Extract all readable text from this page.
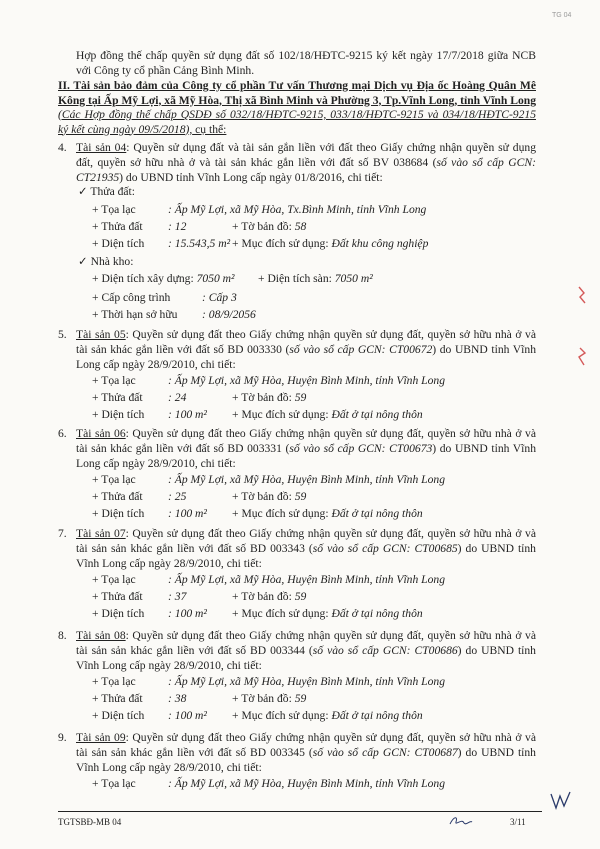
TG 04
Hợp đồng thế chấp quyền sử dụng đất số 102/18/HĐTC-9215 ký kết ngày 17/7/2018 giữa NCB với Công ty cổ phần Cảng Bình Minh.
II. Tài sản bảo đảm của Công ty cổ phần Tư vấn Thương mại Dịch vụ Địa ốc Hoàng Quân Mê Kông tại Ấp Mỹ Lợi, xã Mỹ Hòa, Thị xã Bình Minh và Phường 3, Tp.Vĩnh Long, tỉnh Vĩnh Long (Các Hợp đồng thế chấp QSDĐ số 032/18/HĐTC-9215, 033/18/HĐTC-9215 và 034/18/HĐTC-9215 ký kết cùng ngày 09/5/2018), cụ thể:
4. Tài sản 04: Quyền sử dụng đất và tài sản gắn liền với đất theo Giấy chứng nhận quyền sử dụng đất, quyền sở hữu nhà ở và tài sản khác gắn liền với đất số BV 038684 (số vào sổ cấp GCN: CT21935) do UBND tỉnh Vĩnh Long cấp ngày 01/8/2016, chi tiết:
✓ Thửa đất:
+ Tọa lạc	: Ấp Mỹ Lợi, xã Mỹ Hòa, Tx.Bình Minh, tỉnh Vĩnh Long
+ Thửa đất : 12	+ Tờ bản đồ: 58
+ Diện tích : 15.543,5 m² + Mục đích sử dụng: Đất khu công nghiệp
✓ Nhà kho:
+ Diện tích xây dựng: 7050 m² + Diện tích sàn: 7050 m²
+ Cấp công trình	: Cấp 3
+ Thời hạn sở hữu : 08/9/2056
5. Tài sản 05: Quyền sử dụng đất theo Giấy chứng nhận quyền sử dụng đất, quyền sở hữu nhà ở và tài sản khác gắn liền với đất số BD 003330 (số vào sổ cấp GCN: CT00672) do UBND tỉnh Vĩnh Long cấp ngày 28/9/2010, chi tiết:
+ Tọa lạc	: Ấp Mỹ Lợi, xã Mỹ Hòa, Huyện Bình Minh, tỉnh Vĩnh Long
+ Thửa đất : 24	+ Tờ bản đồ: 59
+ Diện tích : 100 m² + Mục đích sử dụng: Đất ở tại nông thôn
6. Tài sản 06: Quyền sử dụng đất theo Giấy chứng nhận quyền sử dụng đất, quyền sở hữu nhà ở và tài sản khác gắn liền với đất số BD 003331 (số vào sổ cấp GCN: CT00673) do UBND tỉnh Vĩnh Long cấp ngày 28/9/2010, chi tiết:
+ Tọa lạc	: Ấp Mỹ Lợi, xã Mỹ Hòa, Huyện Bình Minh, tỉnh Vĩnh Long
+ Thửa đất : 25	+ Tờ bản đồ: 59
+ Diện tích : 100 m² + Mục đích sử dụng: Đất ở tại nông thôn
7. Tài sản 07: Quyền sử dụng đất theo Giấy chứng nhận quyền sử dụng đất, quyền sở hữu nhà ở và tài sản sản khác gắn liền với đất số BD 003343 (số vào sổ cấp GCN: CT00685) do UBND tỉnh Vĩnh Long cấp ngày 28/9/2010, chi tiết:
+ Tọa lạc	: Ấp Mỹ Lợi, xã Mỹ Hòa, Huyện Bình Minh, tỉnh Vĩnh Long
+ Thửa đất : 37	+ Tờ bản đồ: 59
+ Diện tích : 100 m² + Mục đích sử dụng: Đất ở tại nông thôn
8. Tài sản 08: Quyền sử dụng đất theo Giấy chứng nhận quyền sử dụng đất, quyền sở hữu nhà ở và tài sản sản khác gắn liền với đất số BD 003344 (số vào sổ cấp GCN: CT00686) do UBND tỉnh Vĩnh Long cấp ngày 28/9/2010, chi tiết:
+ Tọa lạc	: Ấp Mỹ Lợi, xã Mỹ Hòa, Huyện Bình Minh, tỉnh Vĩnh Long
+ Thửa đất : 38	+ Tờ bản đồ: 59
+ Diện tích : 100 m² + Mục đích sử dụng: Đất ở tại nông thôn
9. Tài sản 09: Quyền sử dụng đất theo Giấy chứng nhận quyền sử dụng đất, quyền sở hữu nhà ở và tài sản sản khác gắn liền với đất số BD 003345 (số vào sổ cấp GCN: CT00687) do UBND tỉnh Vĩnh Long cấp ngày 28/9/2010, chi tiết:
+ Tọa lạc	: Ấp Mỹ Lợi, xã Mỹ Hòa, Huyện Bình Minh, tỉnh Vĩnh Long
TGTSBĐ-MB 04	3/11
